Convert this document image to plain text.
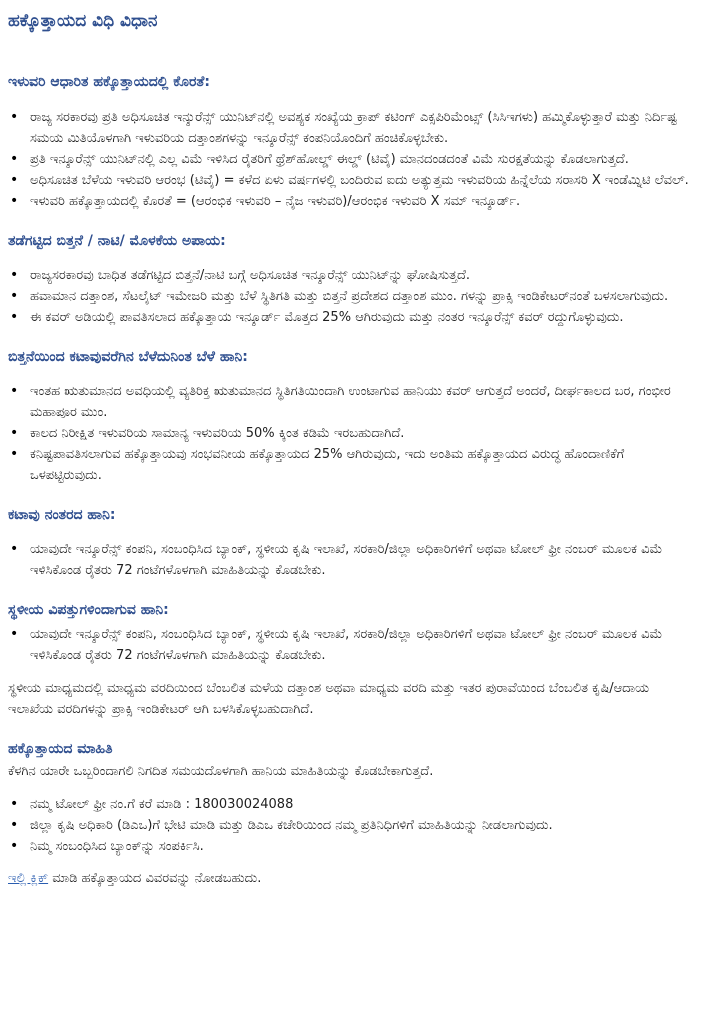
ಹಕ್ಕೊತ್ತಾಯದ ವಿಧಿ ವಿಧಾನ
ಇಳುವರಿ ಆಧಾರಿತ ಹಕ್ಕೊತ್ತಾಯದಲ್ಲಿ ಕೊರತೆ:
• ರಾಜ್ಯ ಸರಕಾರವು ಪ್ರತಿ ಅಧಿಸೂಚಿತ ಇನ್ಶುರೆನ್ಸ್ ಯುನಿಟ್‌ನಲ್ಲಿ ಅವಶ್ಯಕ ಸಂಖ್ಯೆಯ ಕ್ರಾಪ್ ಕಟಿಂಗ್ ಎಕ್ಸಪಿರಿಮೆಂಟ್ಸ್ (ಸಿಸಿಇಗಳು) ಹಮ್ಮಿಕೊಳ್ಳುತ್ತಾರೆ ಮತ್ತು ನಿರ್ದಿಷ್ಟ ಸಮಯ ಮಿತಿಯೊಳಗಾಗಿ ಇಳುವರಿಯ ದತ್ತಾಂಶಗಳನ್ನು ಇನ್ಶೂರೆನ್ಸ್ ಕಂಪನಿಯೊಂದಿಗೆ ಹಂಚಿಕೊಳ್ಳಬೇಕು.
• ಪ್ರತಿ ಇನ್ಶೂರೆನ್ಸ್ ಯುನಿಟ್‌ನಲ್ಲಿ ಎಲ್ಲ ವಿಮೆ ಇಳಿಸಿದ ರೈತರಿಗೆ ಥ್ರೆಶ್‌ಹೋಲ್ಡ್ ಈಲ್ಡ್ (ಟಿವೈ) ಮಾನದಂಡದಂತೆ ವಿಮೆ ಸುರಕ್ಷತೆಯನ್ನು ಕೊಡಲಾಗುತ್ತದೆ.
• ಅಧಿಸೂಚಿತ ಬೆಳೆಯ ಇಳುವರಿ ಆರಂಭ (ಟಿವೈ) = ಕಳೆದ ಏಳು ವರ್ಷಗಳಲ್ಲಿ ಬಂದಿರುವ ಐದು ಅತ್ಯುತ್ತಮ ಇಳುವರಿಯ ಹಿನ್ನೆಲೆಯ ಸರಾಸರಿ X ಇಂಡೆಮ್ನಿಟಿ ಲೆವಲ್.
• ಇಳುವರಿ ಹಕ್ಕೊತ್ತಾಯದಲ್ಲಿ ಕೊರತೆ = (ಆರಂಭಿಕ ಇಳುವರಿ – ನೈಜ ಇಳುವರಿ)/ಆರಂಭಿಕ ಇಳುವರಿ X ಸಮ್ ಇನ್ಶೂರ್ಡ್.
ತಡೆಗಟ್ಟಿದ ಬಿತ್ತನೆ / ನಾಟಿ/ ಮೊಳಕೆಯ ಅಪಾಯ:
• ರಾಜ್ಯಸರಕಾರವು ಬಾಧಿತ ತಡೆಗಟ್ಟಿದ ಬಿತ್ತನೆ/ನಾಟಿ ಬಗ್ಗೆ ಅಧಿಸೂಚಿತ ಇನ್ಶೂರೆನ್ಸ್ ಯುನಿಟ್‌ನ್ನು ಘೋಷಿಸುತ್ತದೆ.
• ಹವಾಮಾನ ದತ್ತಾಂಶ, ಸೆಟಲೈಟ್ ಇಮೇಜರಿ ಮತ್ತು ಬೆಳೆ ಸ್ಥಿತಿಗತಿ ಮತ್ತು ಬಿತ್ತನೆ ಪ್ರದೇಶದ ದತ್ತಾಂಶ ಮುಂ. ಗಳನ್ನು ಪ್ರಾಕ್ಸಿ ಇಂಡಿಕೇಟರ್‌ನಂತೆ ಬಳಸಲಾಗುವುದು.
• ಈ ಕವರ್ ಅಡಿಯಲ್ಲಿ ಪಾವತಿಸಲಾದ ಹಕ್ಕೊತ್ತಾಯ ಇನ್ಶೂರ್ಡ್ ಮೊತ್ತದ 25% ಆಗಿರುವುದು ಮತ್ತು ನಂತರ ಇನ್ಶೂರೆನ್ಸ್ ಕವರ್ ರದ್ದುಗೊಳ್ಳುವುದು.
ಬಿತ್ತನೆಯಿಂದ ಕಟಾವುವರೆಗಿನ ಬೆಳೆದುನಿಂತ ಬೆಳೆ ಹಾನಿ:
• ಇಂತಹ ಋತುಮಾನದ ಅವಧಿಯಲ್ಲಿ ವ್ಯತಿರಿಕ್ತ ಋತುಮಾನದ ಸ್ಥಿತಿಗತಿಯಿಂದಾಗಿ ಉಂಟಾಗುವ ಹಾನಿಯು ಕವರ್ ಆಗುತ್ತದೆ ಅಂದರೆ, ದೀರ್ಘಕಾಲದ ಬರ, ಗಂಭೀರ ಮಹಾಪೂರ ಮುಂ.
• ಕಾಲದ ನಿರೀಕ್ಷಿತ ಇಳುವರಿಯ ಸಾಮಾನ್ಯ ಇಳುವರಿಯ 50% ಕ್ಕಿಂತ ಕಡಿಮೆ ಇರಬಹುದಾಗಿದೆ.
• ಕನಿಷ್ಟಪಾವತಿಸಲಾಗುವ ಹಕ್ಕೊತ್ತಾಯವು ಸಂಭವನೀಯ ಹಕ್ಕೊತ್ತಾಯದ 25% ಆಗಿರುವುದು, ಇದು ಅಂತಿಮ ಹಕ್ಕೊತ್ತಾಯದ ವಿರುದ್ಧ ಹೊಂದಾಣಿಕೆಗೆ ಒಳಪಟ್ಟಿರುವುದು.
ಕಟಾವು ನಂತರದ ಹಾನಿ:
• ಯಾವುದೇ ಇನ್ಶೂರೆನ್ಸ್ ಕಂಪನಿ, ಸಂಬಂಧಿಸಿದ ಬ್ಯಾಂಕ್, ಸ್ಥಳೀಯ ಕೃಷಿ ಇಲಾಖೆ, ಸರಕಾರಿ/ಜಿಲ್ಲಾ ಅಧಿಕಾರಿಗಳಿಗೆ ಅಥವಾ ಟೋಲ್ ಫ್ರೀ ನಂಬರ್ ಮೂಲಕ ವಿಮೆ ಇಳಿಸಿಕೊಂಡ ರೈತರು 72 ಗಂಟೆಗಳೊಳಗಾಗಿ ಮಾಹಿತಿಯನ್ನು ಕೊಡಬೇಕು.
ಸ್ಥಳೀಯ ವಿಪತ್ತುಗಳಿಂದಾಗುವ ಹಾನಿ:
• ಯಾವುದೇ ಇನ್ಶೂರೆನ್ಸ್ ಕಂಪನಿ, ಸಂಬಂಧಿಸಿದ ಬ್ಯಾಂಕ್, ಸ್ಥಳೀಯ ಕೃಷಿ ಇಲಾಖೆ, ಸರಕಾರಿ/ಜಿಲ್ಲಾ ಅಧಿಕಾರಿಗಳಿಗೆ ಅಥವಾ ಟೋಲ್ ಫ್ರೀ ನಂಬರ್ ಮೂಲಕ ವಿಮೆ ಇಳಿಸಿಕೊಂಡ ರೈತರು 72 ಗಂಟೆಗಳೊಳಗಾಗಿ ಮಾಹಿತಿಯನ್ನು ಕೊಡಬೇಕು.

ಸ್ಥಳೀಯ ಮಾಧ್ಯಮದಲ್ಲಿ ಮಾಧ್ಯಮ ವರದಿಯಿಂದ ಬೆಂಬಲಿತ ಮಳೆಯ ದತ್ತಾಂಶ ಅಥವಾ ಮಾಧ್ಯಮ ವರದಿ ಮತ್ತು ಇತರ ಪುರಾವೆಯಿಂದ ಬೆಂಬಲಿತ ಕೃಷಿ/ಆದಾಯ ಇಲಾಖೆಯ ವರದಿಗಳನ್ನು ಪ್ರಾಕ್ಸಿ ಇಂಡಿಕೇಟರ್ ಆಗಿ ಬಳಸಿಕೊಳ್ಳಬಹುದಾಗಿದೆ.

ಹಕ್ಕೊತ್ತಾಯದ ಮಾಹಿತಿ

ಕೆಳಗಿನ ಯಾರೇ ಒಬ್ಬರಿಂದಾಗಲಿ ನಿಗದಿತ ಸಮಯದೊಳಗಾಗಿ ಹಾನಿಯ ಮಾಹಿತಿಯನ್ನು ಕೊಡಬೇಕಾಗುತ್ತದೆ.

• ನಮ್ಮ ಟೋಲ್ ಫ್ರೀ ನಂ.ಗೆ ಕರೆ ಮಾಡಿ : 180030024088
• ಜಿಲ್ಲಾ ಕೃಷಿ ಅಧಿಕಾರಿ (ಡಿಎಒ)ಗೆ ಭೇಟಿ ಮಾಡಿ ಮತ್ತು ಡಿಎಒ ಕಚೇರಿಯಿಂದ ನಮ್ಮ ಪ್ರತಿನಿಧಿಗಳಿಗೆ ಮಾಹಿತಿಯನ್ನು ನೀಡಲಾಗುವುದು.
• ನಿಮ್ಮ ಸಂಬಂಧಿಸಿದ ಬ್ಯಾಂಕ್‌ನ್ನು ಸಂಪರ್ಕಿಸಿ.

ಇಲ್ಲಿ ಕ್ಲಿಕ್ ಮಾಡಿ ಹಕ್ಕೊತ್ತಾಯದ ವಿವರವನ್ನು ನೋಡಬಹುದು.
